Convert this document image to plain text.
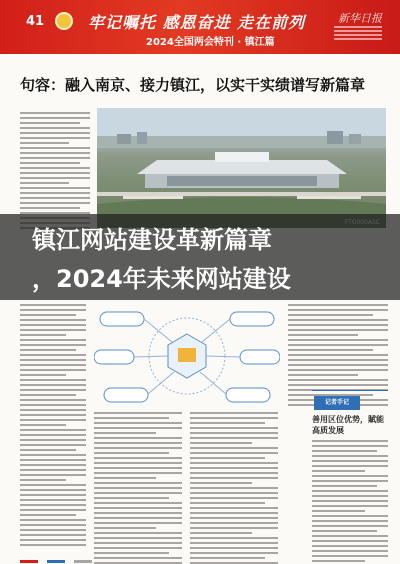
41	牢记嘱托 感恩奋进 走在前列
2024全国两会特刊 · 镇江篇
新华日报
句容：融入南京、接力镇江，以实干实绩谱写新篇章
镇江网站建设革新篇章
，2024年未来网站建设
记者手记
善用区位优势，賦能高质发展
